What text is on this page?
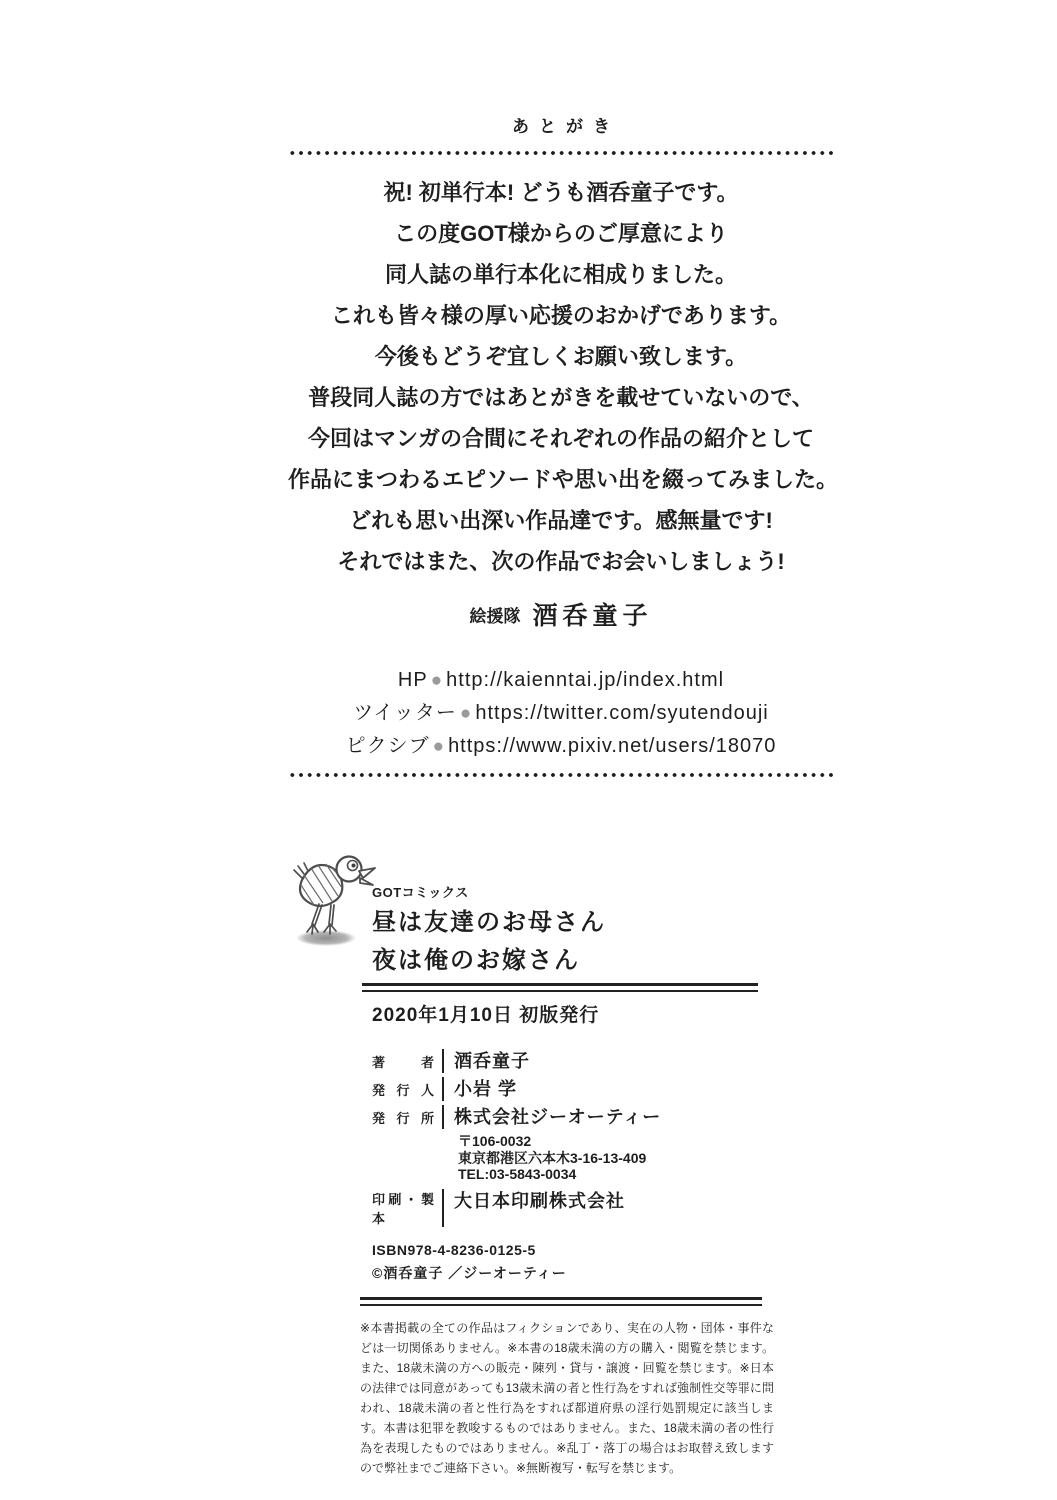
あとがき
祝! 初単行本! どうも酒呑童子です。
この度GOT様からのご厚意により
同人誌の単行本化に相成りました。
これも皆々様の厚い応援のおかげであります。
今後もどうぞ宜しくお願い致します。
普段同人誌の方ではあとがきを載せていないので、
今回はマンガの合間にそれぞれの作品の紹介として
作品にまつわるエピソードや思い出を綴ってみました。
どれも思い出深い作品達です。感無量です!
それではまた、次の作品でお会いしましょう!
絵援隊 酒呑童子
HP ● http://kaienntai.jp/index.html
ツイッター ● https://twitter.com/syutendouji
ピクシブ ● https://www.pixiv.net/users/18070
GOTコミックス
昼は友達のお母さん
夜は俺のお嫁さん
2020年1月10日 初版発行
著者 酒呑童子
発行人 小岩 学
発行所 株式会社ジーオーティー
〒106-0032
東京都港区六本木3-16-13-409
TEL:03-5843-0034
印刷・製本
大日本印刷株式会社
ISBN978-4-8236-0125-5
©酒呑童子 ／ジーオーティー
※本書掲載の全ての作品はフィクションであり、実在の人物・団体・事件などは一切関係ありません。※本書の18歳未満の方の購入・閲覧を禁じます。また、18歳未満の方への販売・陳列・貸与・譲渡・回覧を禁じます。※日本の法律では同意があっても13歳未満の者と性行為をすれば強制性交等罪に問われ、18歳未満の者と性行為をすれば都道府県の淫行処罰規定に該当します。本書は犯罪を教唆するものではありません。また、18歳未満の者の性行為を表現したものではありません。※乱丁・落丁の場合はお取替え致しますので弊社までご連絡下さい。※無断複写・転写を禁じます。
